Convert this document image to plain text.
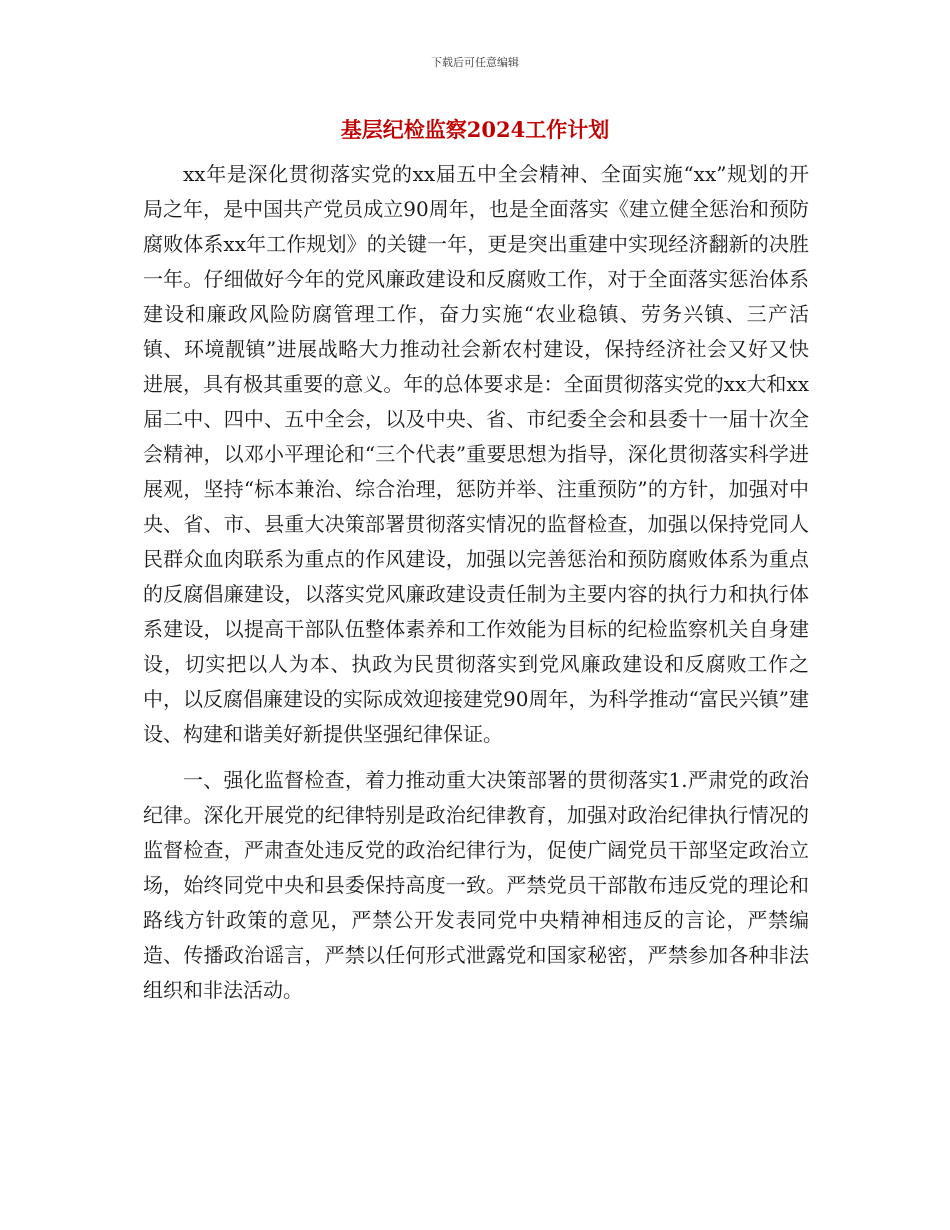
下载后可任意编辑
基层纪检监察2024工作计划

xx年是深化贯彻落实党的xx届五中全会精神、全面实施“xx”规划的开局之年，是中国共产党员成立90周年，也是全面落实《建立健全惩治和预防腐败体系xx年工作规划》的关键一年，更是突出重建中实现经济翻新的决胜一年。仔细做好今年的党风廉政建设和反腐败工作，对于全面落实惩治体系建设和廉政风险防腐管理工作，奋力实施“农业稳镇、劳务兴镇、三产活镇、环境靓镇”进展战略大力推动社会新农村建设，保持经济社会又好又快进展，具有极其重要的意义。年的总体要求是：全面贯彻落实党的xx大和xx届二中、四中、五中全会，以及中央、省、市纪委全会和县委十一届十次全会精神，以邓小平理论和“三个代表”重要思想为指导，深化贯彻落实科学进展观，坚持“标本兼治、综合治理，惩防并举、注重预防”的方针，加强对中央、省、市、县重大决策部署贯彻落实情况的监督检查，加强以保持党同人民群众血肉联系为重点的作风建设，加强以完善惩治和预防腐败体系为重点的反腐倡廉建设，以落实党风廉政建设责任制为主要内容的执行力和执行体系建设，以提高干部队伍整体素养和工作效能为目标的纪检监察机关自身建设，切实把以人为本、执政为民贯彻落实到党风廉政建设和反腐败工作之中，以反腐倡廉建设的实际成效迎接建党90周年，为科学推动“富民兴镇”建设、构建和谐美好新提供坚强纪律保证。

一、强化监督检查，着力推动重大决策部署的贯彻落实1.严肃党的政治纪律。深化开展党的纪律特别是政治纪律教育，加强对政治纪律执行情况的监督检查，严肃查处违反党的政治纪律行为，促使广阔党员干部坚定政治立场，始终同党中央和县委保持高度一致。严禁党员干部散布违反党的理论和路线方针政策的意见，严禁公开发表同党中央精神相违反的言论，严禁编造、传播政治谣言，严禁以任何形式泄露党和国家秘密，严禁参加各种非法组织和非法活动。
